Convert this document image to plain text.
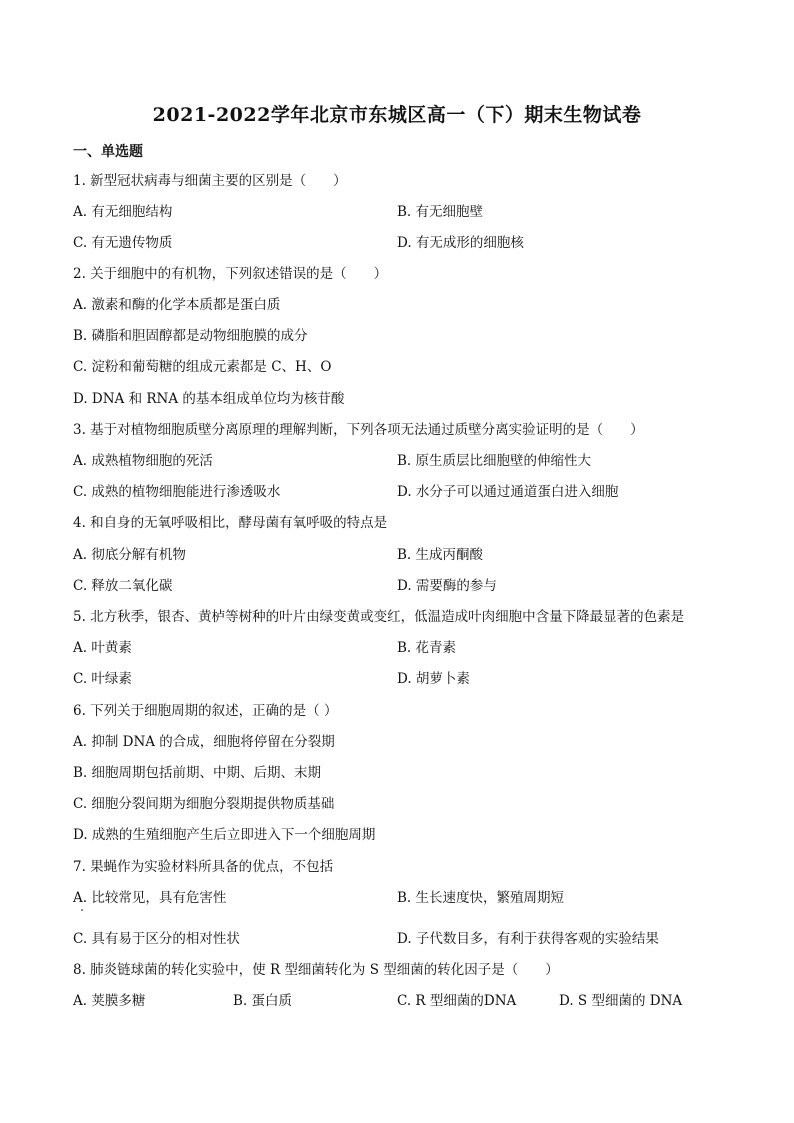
2021-2022学年北京市东城区高一（下）期末生物试卷
一、单选题
1. 新型冠状病毒与细菌主要的区别是（　　）
A. 有无细胞结构	B. 有无细胞壁
C. 有无遗传物质	D. 有无成形的细胞核
2. 关于细胞中的有机物，下列叙述错误的是（　　）
A. 激素和酶的化学本质都是蛋白质
B. 磷脂和胆固醇都是动物细胞膜的成分
C. 淀粉和葡萄糖的组成元素都是 C、H、O
D. DNA 和 RNA 的基本组成单位均为核苷酸
3. 基于对植物细胞质壁分离原理的理解判断，下列各项无法通过质壁分离实验证明的是（　　）
A. 成熟植物细胞的死活	B. 原生质层比细胞壁的伸缩性大
C. 成熟的植物细胞能进行渗透吸水	D. 水分子可以通过通道蛋白进入细胞
4. 和自身的无氧呼吸相比，酵母菌有氧呼吸的特点是
A. 彻底分解有机物	B. 生成丙酮酸
C. 释放二氧化碳	D. 需要酶的参与
5. 北方秋季，银杏、黄栌等树种的叶片由绿变黄或变红，低温造成叶肉细胞中含量下降最显著的色素是
A. 叶黄素	B. 花青素
C. 叶绿素	D. 胡萝卜素
6. 下列关于细胞周期的叙述，正确的是（ ）
A. 抑制 DNA 的合成，细胞将停留在分裂期
B. 细胞周期包括前期、中期、后期、末期
C. 细胞分裂间期为细胞分裂期提供物质基础
D. 成熟的生殖细胞产生后立即进入下一个细胞周期
7. 果蝇作为实验材料所具备的优点，不包括
A. 比较常见，具有危害性	B. 生长速度快，繁殖周期短
C. 具有易于区分的相对性状	D. 子代数目多，有利于获得客观的实验结果
8. 肺炎链球菌的转化实验中，使 R 型细菌转化为 S 型细菌的转化因子是（　　）
A. 荚膜多糖	B. 蛋白质	C. R 型细菌的DNA	D. S 型细菌的 DNA
